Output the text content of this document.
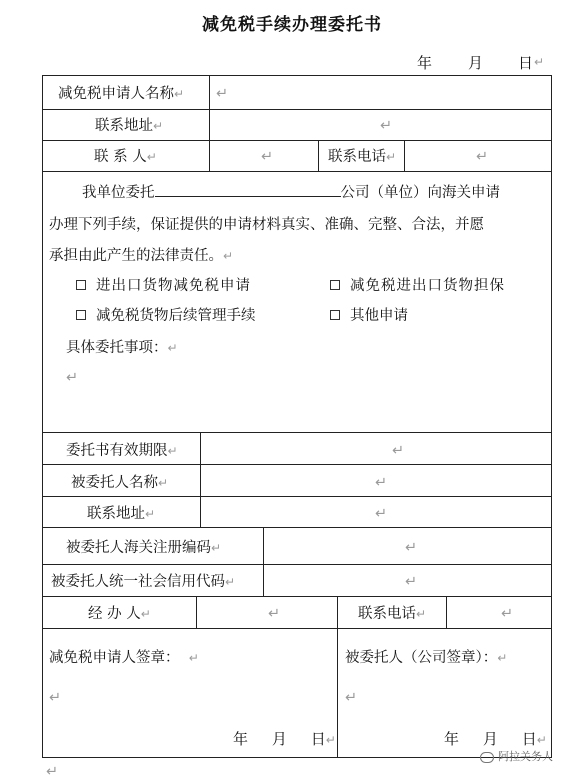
减免税手续办理委托书
年 月 日 ↵
减免税申请人名称↵ ↵
联系地址↵	↵
联 系 人↵	↵	联系电话↵	↵
我单位委托	公司（单位）向海关申请
办理下列手续，保证提供的申请材料真实、准确、完整、合法，并愿
承担由此产生的法律责任。↵
进出口货物减免税申请	减免税进出口货物担保
减免税货物后续管理手续	其他申请
具体委托事项：↵
↵
委托书有效期限↵	↵
被委托人名称↵	↵
联系地址↵	↵
被委托人海关注册编码↵	↵
被委托人统一社会信用代码↵	↵
经 办 人↵	↵	联系电话↵	↵
减免税申请人签章： ↵
↵
年 月 日↵
被委托人（公司签章）：↵
↵
年 月 日↵
↵
阿拉关务人
